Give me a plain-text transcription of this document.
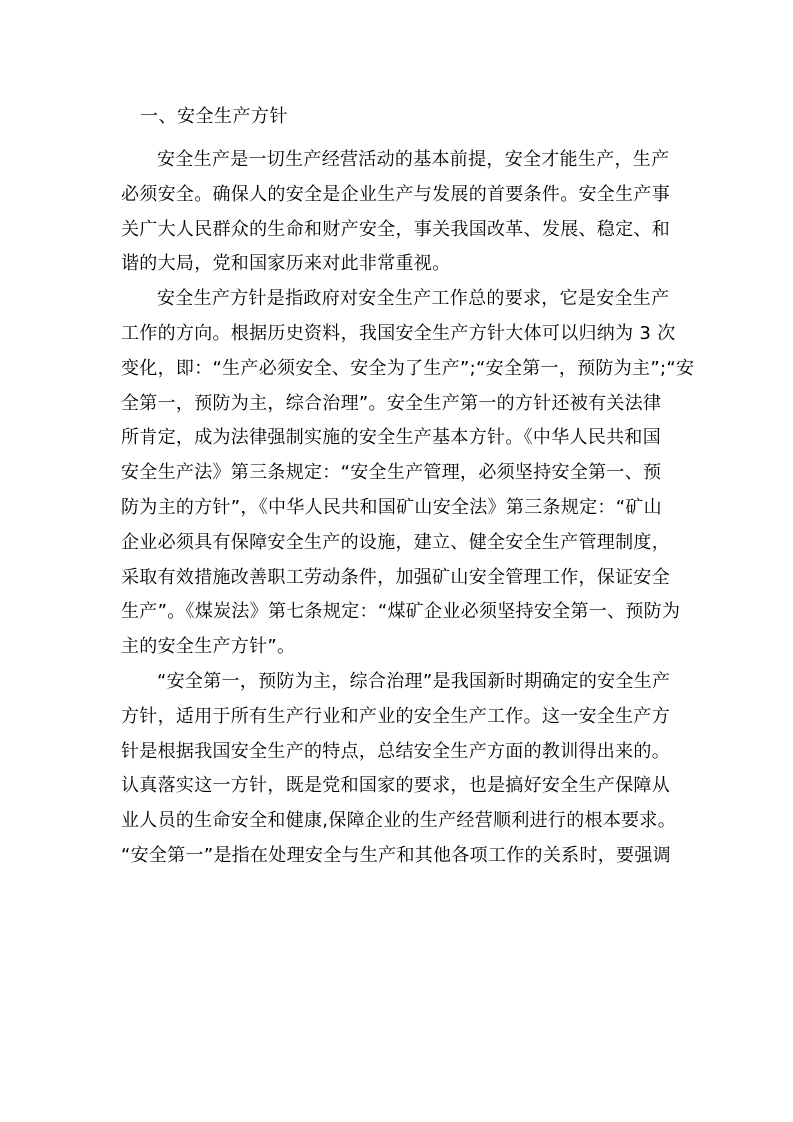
一、安全生产方针
安全生产是一切生产经营活动的基本前提，安全才能生产，生产
必须安全。确保人的安全是企业生产与发展的首要条件。安全生产事
关广大人民群众的生命和财产安全，事关我国改革、发展、稳定、和
谐的大局，党和国家历来对此非常重视。
安全生产方针是指政府对安全生产工作总的要求，它是安全生产
工作的方向。根据历史资料，我国安全生产方针大体可以归纳为 3 次
变化，即：“生产必须安全、安全为了生产”;“安全第一，预防为主”;“安
全第一，预防为主，综合治理”。安全生产第一的方针还被有关法律
所肯定，成为法律强制实施的安全生产基本方针。《中华人民共和国
安全生产法》第三条规定：“安全生产管理，必须坚持安全第一、预
防为主的方针”，《中华人民共和国矿山安全法》第三条规定：“矿山
企业必须具有保障安全生产的设施，建立、健全安全生产管理制度，
采取有效措施改善职工劳动条件，加强矿山安全管理工作，保证安全
生产”。《煤炭法》第七条规定：“煤矿企业必须坚持安全第一、预防为
主的安全生产方针”。
“安全第一，预防为主，综合治理”是我国新时期确定的安全生产
方针，适用于所有生产行业和产业的安全生产工作。这一安全生产方
针是根据我国安全生产的特点，总结安全生产方面的教训得出来的。
认真落实这一方针，既是党和国家的要求，也是搞好安全生产保障从
业人员的生命安全和健康,保障企业的生产经营顺利进行的根本要求。
“安全第一”是指在处理安全与生产和其他各项工作的关系时，要强调
